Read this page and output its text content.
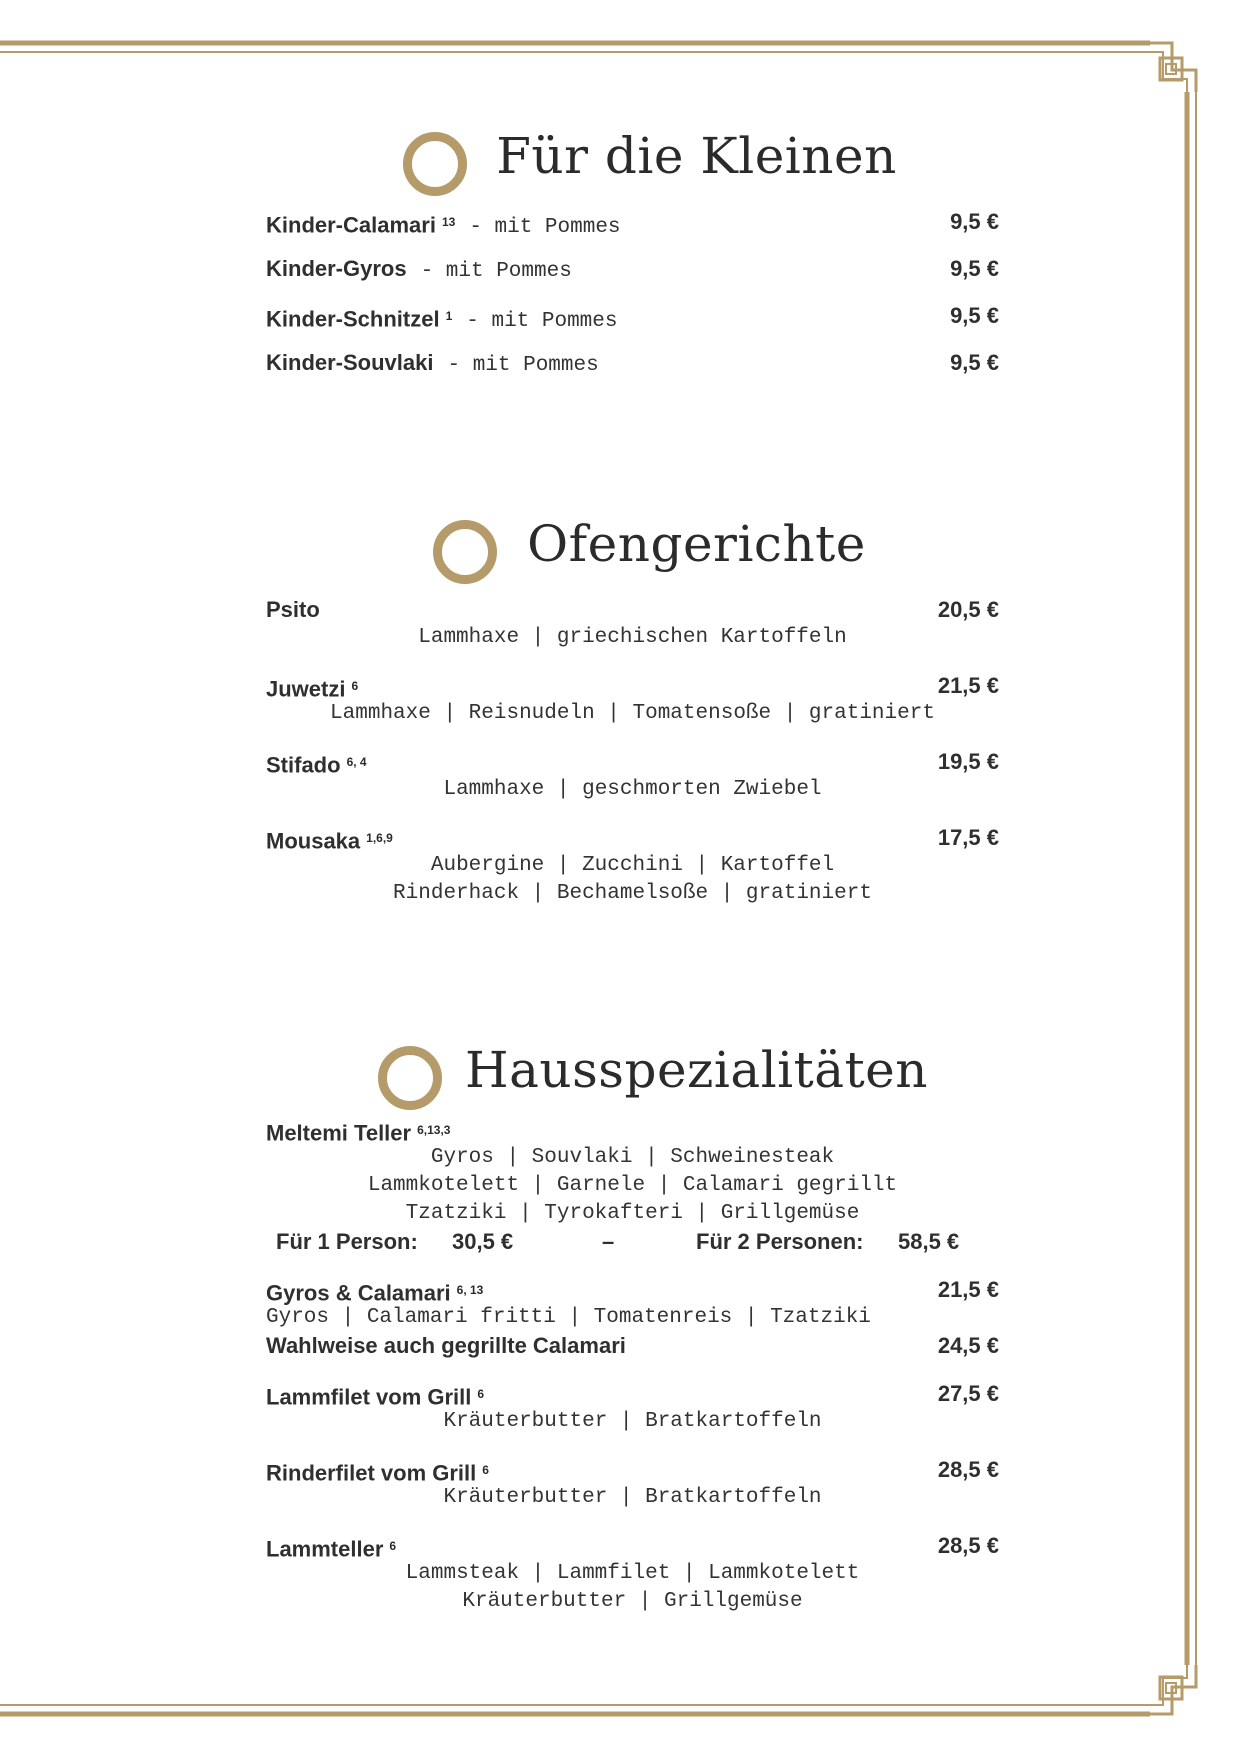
Für die Kleinen
Kinder-Calamari $^{13}$ - mit Pommes	9,5 €
Kinder-Gyros - mit Pommes	9,5 €
Kinder-Schnitzel $^1$ - mit Pommes	9,5 €
Kinder-Souvlaki - mit Pommes	9,5 €
Ofengerichte
Psito	20,5 €
Lammhaxe | griechischen Kartoffeln
Juwetzi $^6$	21,5 €
Lammhaxe | Reisnudeln | Tomatensoße | gratiniert
Stifado $^{6, 4}$	19,5 €
Lammhaxe | geschmorten Zwiebel
Mousaka $^{1,6,9}$	17,5 €
Aubergine | Zucchini | Kartoffel
Rinderhack | Bechamelsoße | gratiniert
Hausspezialitäten
Meltemi Teller $^{6,13,3}$
Gyros | Souvlaki | Schweinesteak
Lammkotelett | Garnele | Calamari gegrillt
Tzatziki | Tyrokafteri | Grillgemüse
Für 1 Person: 30,5 €	–	Für 2 Personen: 58,5 €
Gyros & Calamari $^{6, 13}$	21,5 €
Gyros | Calamari fritti | Tomatenreis | Tzatziki
Wahlweise auch gegrillte Calamari	24,5 €
Lammfilet vom Grill $^6$	27,5 €
Kräuterbutter | Bratkartoffeln
Rinderfilet vom Grill $^6$	28,5 €
Kräuterbutter | Bratkartoffeln
Lammteller $^6$	28,5 €
Lammsteak | Lammfilet | Lammkotelett
Kräuterbutter | Grillgemüse
